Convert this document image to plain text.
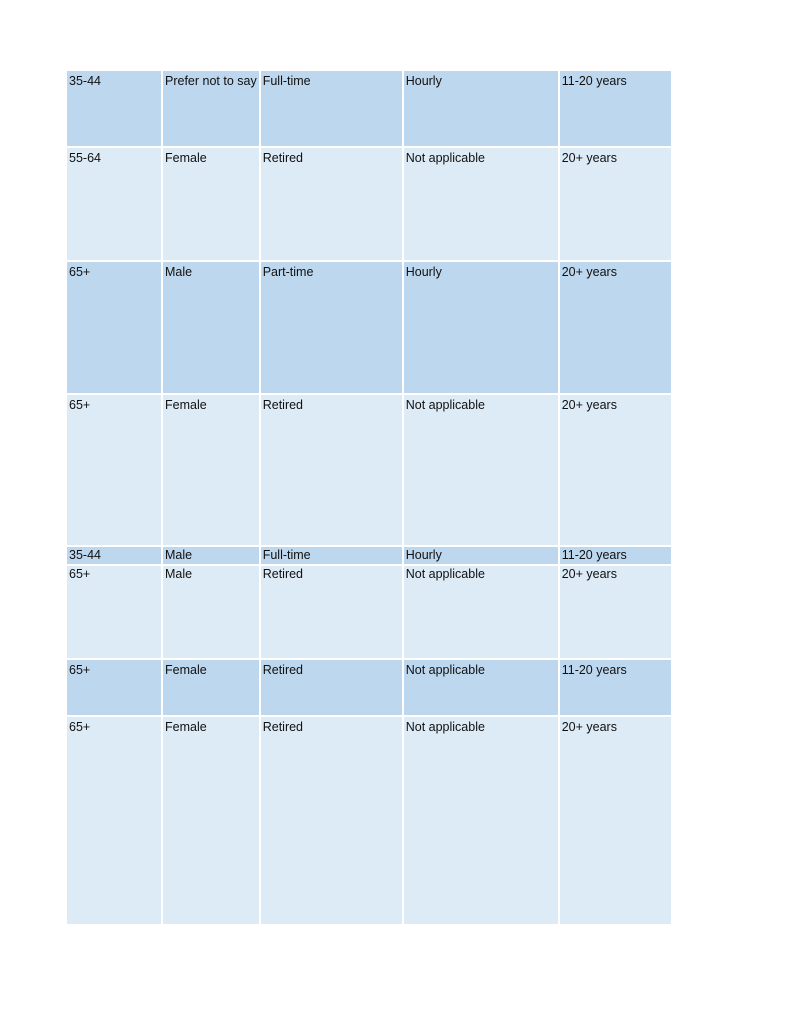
35-44	Prefer not to say	Full-time	Hourly	11-20 years
55-64	Female	Retired	Not applicable	20+ years
65+	Male	Part-time	Hourly	20+ years
65+	Female	Retired	Not applicable	20+ years
35-44	Male	Full-time	Hourly	11-20 years
65+	Male	Retired	Not applicable	20+ years
65+	Female	Retired	Not applicable	11-20 years
65+	Female	Retired	Not applicable	20+ years
